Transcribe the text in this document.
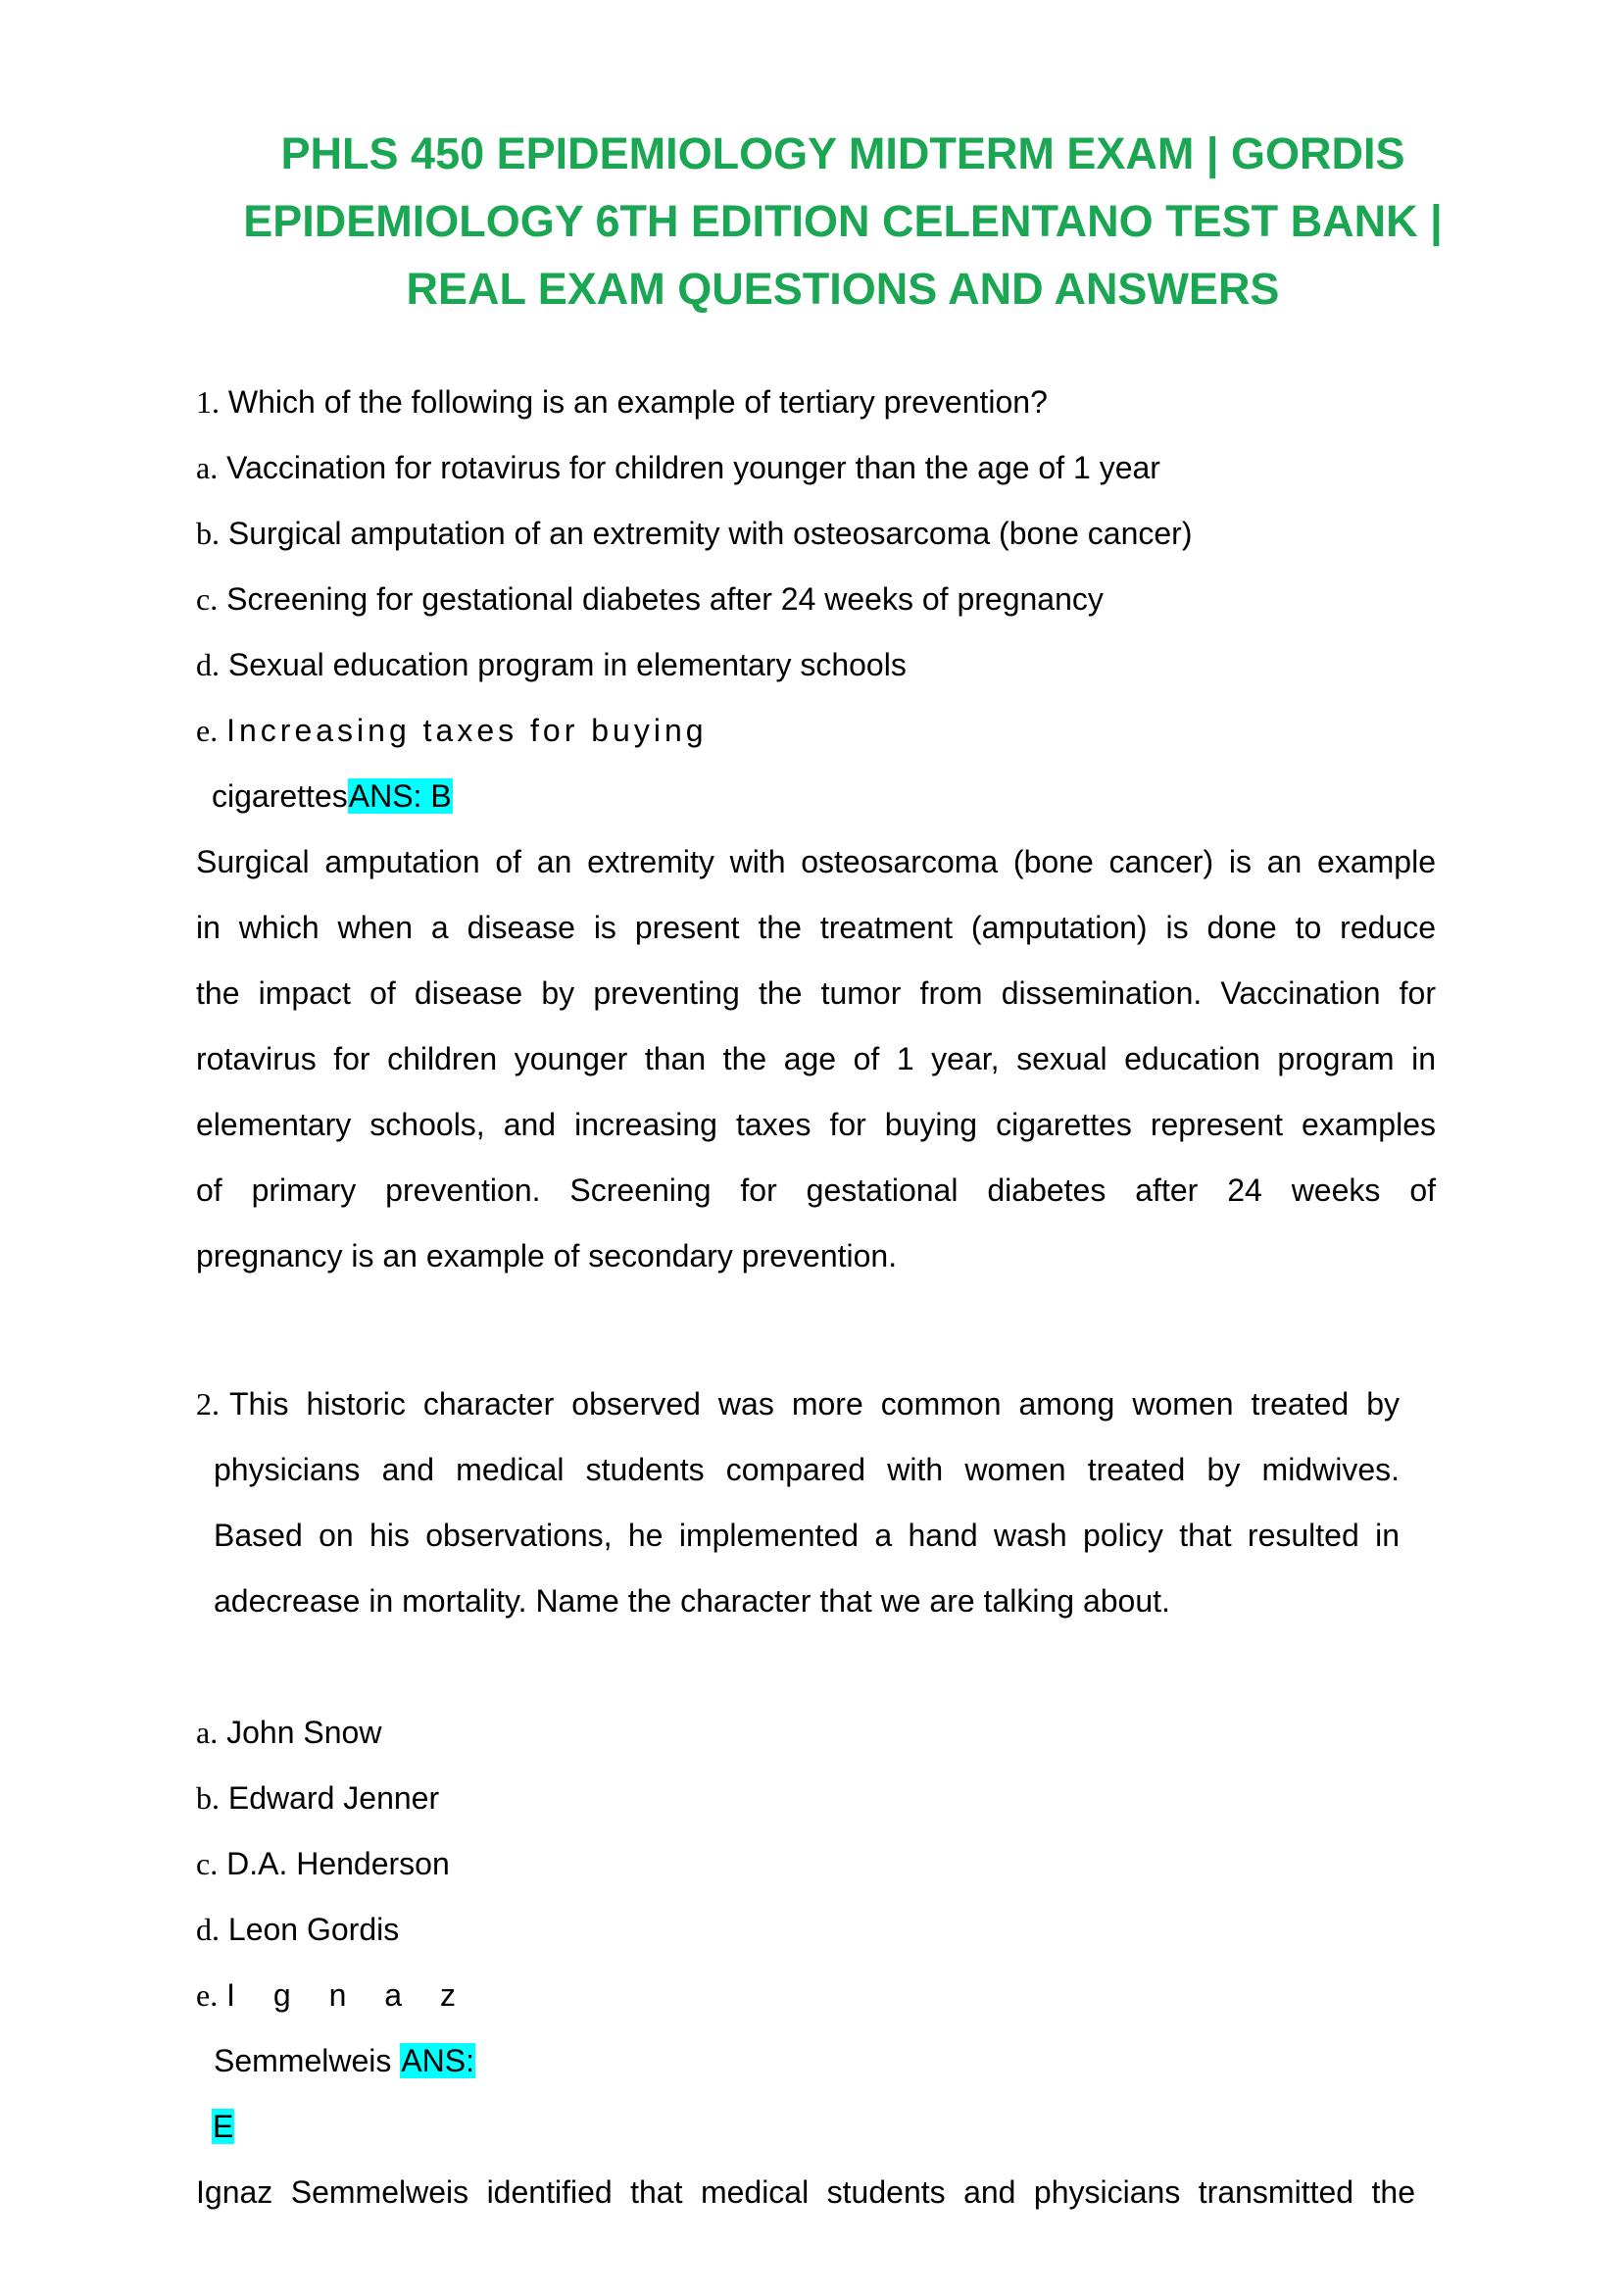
PHLS 450 EPIDEMIOLOGY MIDTERM EXAM | GORDIS
EPIDEMIOLOGY 6TH EDITION CELENTANO TEST BANK |
REAL EXAM QUESTIONS AND ANSWERS
1. Which of the following is an example of tertiary prevention?
a. Vaccination for rotavirus for children younger than the age of 1 year
b. Surgical amputation of an extremity with osteosarcoma (bone cancer)
c. Screening for gestational diabetes after 24 weeks of pregnancy
d. Sexual education program in elementary schools
e. Increasing taxes for buying
cigarettesANS: B
Surgical amputation of an extremity with osteosarcoma (bone cancer) is an example
in which when a disease is present the treatment (amputation) is done to reduce
the impact of disease by preventing the tumor from dissemination. Vaccination for
rotavirus for children younger than the age of 1 year, sexual education program in
elementary schools, and increasing taxes for buying cigarettes represent examples
of primary prevention. Screening for gestational diabetes after 24 weeks of
pregnancy is an example of secondary prevention.
2. This historic character observed was more common among women treated by
physicians and medical students compared with women treated by midwives.
Based on his observations, he implemented a hand wash policy that resulted in
adecrease in mortality. Name the character that we are talking about.
a. John Snow
b. Edward Jenner
c. D.A. Henderson
d. Leon Gordis
e. I g n a z
Semmelweis ANS:
E
Ignaz Semmelweis identified that medical students and physicians transmitted the
